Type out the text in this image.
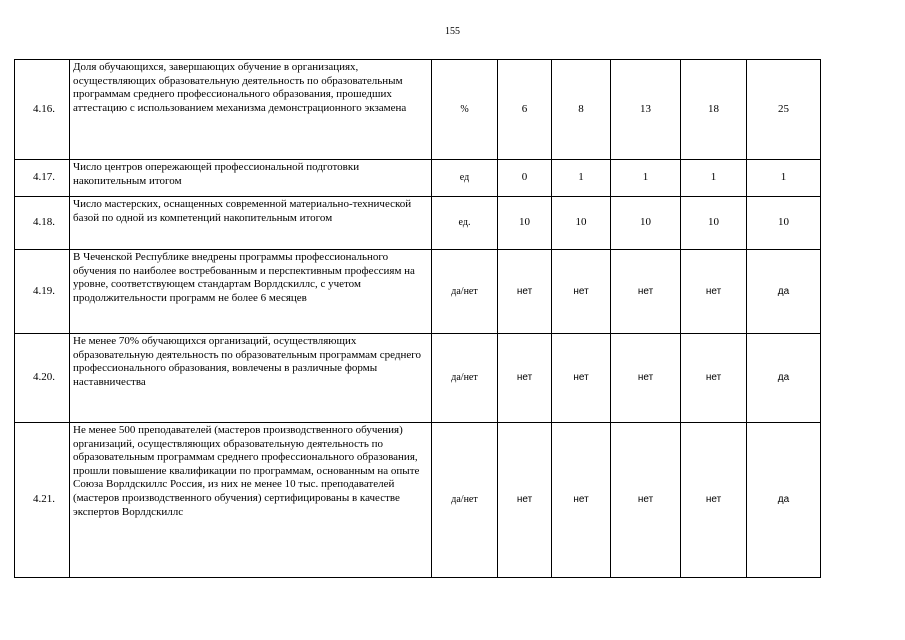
155
4.16.	Доля обучающихся, завершающих обучение в организациях, осуществляющих образовательную деятельность по образовательным программам среднего профессионального образования, прошедших аттестацию с использованием механизма демонстрационного экзамена	%	6	8	13	18	25
4.17.	Число центров опережающей профессиональной подготовки накопительным итогом	ед	0	1	1	1	1
4.18.	Число мастерских, оснащенных современной материально-технической базой по одной из компетенций накопительным итогом	ед.	10	10	10	10	10
4.19.	В Чеченской Республике внедрены программы профессионального обучения по наиболее востребованным и перспективным профессиям на уровне, соответствующем стандартам Ворлдскиллс, с учетом продолжительности программ не более 6 месяцев	да/нет	нет	нет	нет	нет	да
4.20.	Не менее 70% обучающихся организаций, осуществляющих образовательную деятельность по образовательным программам среднего профессионального образования, вовлечены в различные формы наставничества	да/нет	нет	нет	нет	нет	да
4.21.	Не менее 500 преподавателей (мастеров производственного обучения) организаций, осуществляющих образовательную деятельность по образовательным программам среднего профессионального образования, прошли повышение квалификации по программам, основанным на опыте Союза Ворлдскиллс Россия, из них не менее 10 тыс. преподавателей (мастеров производственного обучения) сертифицированы в качестве экспертов Ворлдскиллс	да/нет	нет	нет	нет	нет	да
